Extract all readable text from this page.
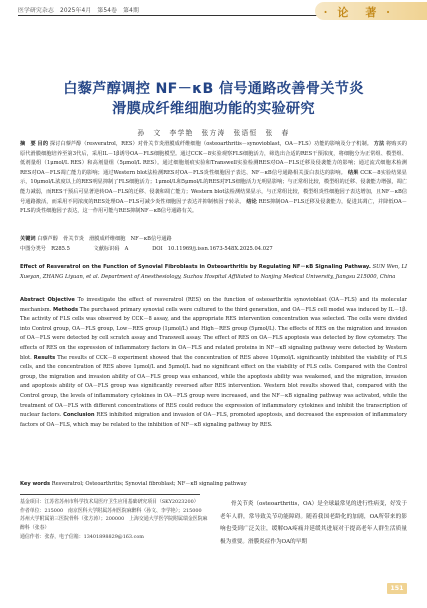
医学研究杂志　2025年4月　第54卷　第4期	· 论　著 ·
白藜芦醇调控 NF－κB 信号通路改善骨关节炎
滑膜成纤维细胞功能的实验研究
孙　文　李学艳　张方涛　张语恒　张　春
摘　要 目的 探讨白藜芦醇（resveratrol，RES）对骨关节炎滑膜成纤维细胞（osteoarthritis－synovioblast，OA－FLS）功能的影响及分子机制。 方法 将购买的原代滑膜细胞培养至第3代后，采用IL－1β诱导OA－FLS细胞模型。通过CCK－8实验观察FLS细胞活力，筛选出合适的RES干预浓度，将细胞分为正常组、模型组、低剂量组（1μmol/L RES）和高剂量组（5μmol/L RES）。通过细胞划痕实验和Transwell实验检测RES对OA－FLS迁移及侵袭能力的影响；通过流式细胞术检测RES对OA－FLS凋亡能力的影响；通过Western blot法检测RES对OA－FLS炎性细胞因子表达、NF－κB信号通路相关蛋白表达的影响。 结果 CCK－8实验结果显示，10μmol/L浓度以上的RES明显抑制了FLS细胞活力；1μmol/L和5μmol/L的RES对FLS细胞活力无明显影响；与正常组比较，模型组的迁移、侵袭能力增强，凋亡能力减弱，而RES干预后可显著逆转OA－FLS的迁移、侵袭和凋亡能力；Western blot法检测结果显示，与正常组比较，模型组炎性细胞因子表达增加，且NF－κB信号通路激活，而采用不同浓度的RES处理OA－FLS可减少炎性细胞因子表达并抑制核因子转录。 结论 RES抑制OA－FLS迁移及侵袭能力，促进其凋亡，并降低OA－FLS的炎性细胞因子表达，这一作用可能与RES抑制NF－κB信号通路有关。
关键词 白藜芦醇　骨关节炎　滑膜成纤维细胞　NF－κB信号通路
中图分类号　R285.5	文献标识码　A	DOI　10.11969/j.issn.1673-548X.2025.04.027
Effect of Resveratrol on the Function of Synovial Fibroblasts in Osteoarthritis by Regulating NF－κB Signaling Pathway. SUN Wen, LI Xueyan, ZHANG Liyuan, et al. Department of Anesthesiology, Suzhou Hospital Affiliated to Nanjing Medical University, Jiangsu 215000, China
Abstract Objective To investigate the effect of resveratrol (RES) on the function of osteoarthritis synovioblast (OA－FLS) and its molecular mechanism. Methods The purchased primary synovial cells were cultured to the third generation, and OA－FLS cell model was induced by IL－1β. The activity of FLS cells was observed by CCK－8 assay, and the appropriate RES intervention concentration was selected. The cells were divided into Control group, OA－FLS group, Low－RES group (1μmol/L) and High－RES group (5μmol/L). The effects of RES on the migration and invasion of OA－FLS were detected by cell scratch assay and Transwell assay. The effect of RES on OA－FLS apoptosis was detected by flow cytometry. The effects of RES on the expression of inflammatory factors in OA－FLS and related proteins in NF－κB signaling pathway were detected by Western blot. Results The results of CCK－8 experiment showed that the concentration of RES above 10μmol/L significantly inhibited the viability of FLS cells, and the concentration of RES above 1μmol/L and 5μmol/L had no significant effect on the viability of FLS cells. Compared with the Control group, the migration and invasion ability of OA－FLS group was enhanced, while the apoptosis ability was weakened, and the migration, invasion and apoptosis ability of OA－FLS group was significantly reversed after RES intervention. Western blot results showed that, compared with the Control group, the levels of inflammatory cytokines in OA－FLS group were increased, and the NF－κB signaling pathway was activated, while the treatment of OA－FLS with different concentrations of RES could reduce the expression of inflammatory cytokines and inhibit the transcription of nuclear factors. Conclusion RES inhibited migration and invasion of OA－FLS, promoted apoptosis, and decreased the expression of inflammatory factors of OA－FLS, which may be related to the inhibition of NF－κB signaling pathway by RES.
Key words Resveratrol; Osteoarthritis; Synovial fibroblast; NF－κB signaling pathway
基金项目：江苏省苏州市科学技术局医疗卫生应用基础研究项目（SKY2023200）
作者单位：215000　南京医科大学附属苏州医院麻醉科（孙文、李学艳）；215000　苏州大学附属第三医院骨科（张方涛）；200000　上海交通大学医学院附属瑞金医院麻醉科（张春）
通信作者：张春，电子信箱：13401898829@163.com
骨关节炎（osteoarthritis，OA）是全球最常见的进行性病变，好发于老年人群，常导致关节功能障碍。随着我国老龄化的加剧，OA所带来的影响也受到广泛关注，缓解OA疼痛并延缓其进展对于提高老年人群生活质量极为重要。滑膜炎症作为OA的早期
151
